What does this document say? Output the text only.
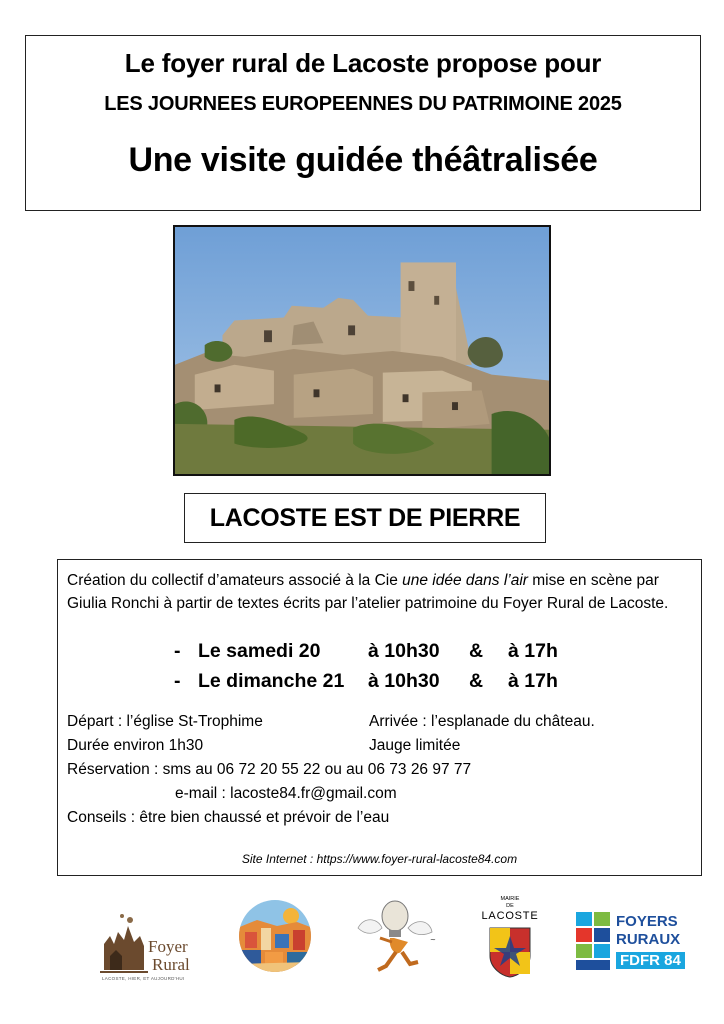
Le foyer rural de Lacoste propose pour
LES JOURNEES EUROPEENNES DU PATRIMOINE 2025
Une visite guidée théâtralisée
LACOSTE EST DE PIERRE
Création du collectif d’amateurs associé à la Cie une idée dans l’air mise en scène par Giulia Ronchi à partir de textes écrits par l’atelier patrimoine du Foyer Rural de Lacoste.
- Le samedi 20 à 10h30 & à 17h
- Le dimanche 21 à 10h30 & à 17h
Départ : l’église St-Trophime	Arrivée : l’esplanade du château.
Durée environ 1h30	Jauge limitée
Réservation : sms au 06 72 20 55 22 ou au 06 73 26 97 77
e-mail : lacoste84.fr@gmail.com
Conseils : être bien chaussé et prévoir de l’eau
Site Internet : https://www.foyer-rural-lacoste84.com
Foyer
Rural
LACOSTE, HIER, ET AUJOURD'HUI
~
MAIRIE
DE
LACOSTE	FOYERS
RURAUX
FDFR 84
